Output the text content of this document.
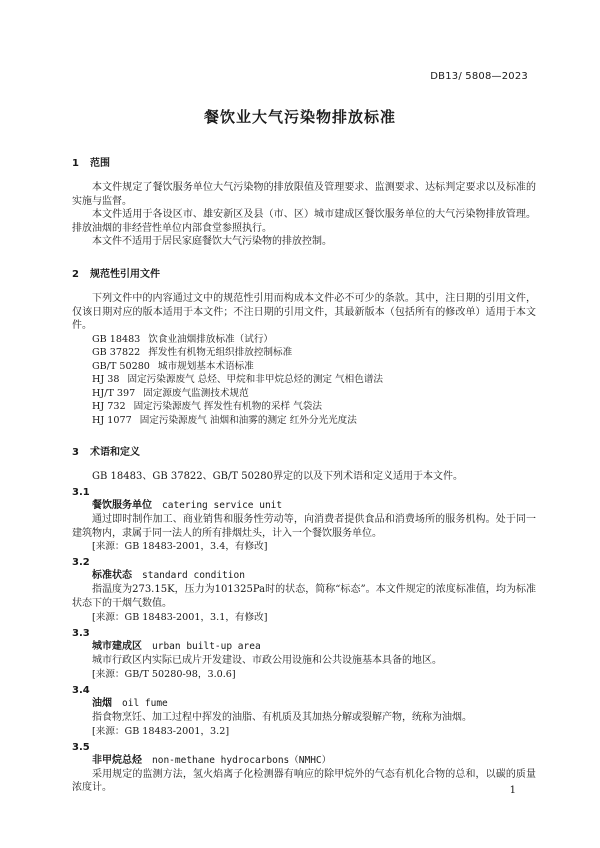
DB13/ 5808—2023
餐饮业大气污染物排放标准
1 范围

本文件规定了餐饮服务单位大气污染物的排放限值及管理要求、监测要求、达标判定要求以及标准的实施与监督。

本文件适用于各设区市、雄安新区及县（市、区）城市建成区餐饮服务单位的大气污染物排放管理。排放油烟的非经营性单位内部食堂参照执行。

本文件不适用于居民家庭餐饮大气污染物的排放控制。

2 规范性引用文件

下列文件中的内容通过文中的规范性引用而构成本文件必不可少的条款。其中，注日期的引用文件，仅该日期对应的版本适用于本文件；不注日期的引用文件，其最新版本（包括所有的修改单）适用于本文件。

GB 18483 饮食业油烟排放标准（试行）
GB 37822 挥发性有机物无组织排放控制标准
GB/T 50280 城市规划基本术语标准
HJ 38 固定污染源废气 总烃、甲烷和非甲烷总烃的测定 气相色谱法
HJ/T 397 固定源废气监测技术规范
HJ 732 固定污染源废气 挥发性有机物的采样 气袋法
HJ 1077 固定污染源废气 油烟和油雾的测定 红外分光光度法
3 术语和定义

GB 18483、GB 37822、GB/T 50280界定的以及下列术语和定义适用于本文件。

3.1
餐饮服务单位 catering service unit

通过即时制作加工、商业销售和服务性劳动等，向消费者提供食品和消费场所的服务机构。处于同一建筑物内，隶属于同一法人的所有排烟灶头，计入一个餐饮服务单位。

[来源：GB 18483-2001，3.4，有修改]
3.2
标准状态 standard condition

指温度为273.15K，压力为101325Pa时的状态，简称“标态”。本文件规定的浓度标准值，均为标准状态下的干烟气数值。

[来源：GB 18483-2001，3.1，有修改]
3.3
城市建成区 urban built-up area

城市行政区内实际已成片开发建设、市政公用设施和公共设施基本具备的地区。

[来源：GB/T 50280-98，3.0.6]
3.4
油烟 oil fume

指食物烹饪、加工过程中挥发的油脂、有机质及其加热分解或裂解产物，统称为油烟。

[来源：GB 18483-2001，3.2]
3.5
非甲烷总烃 non-methane hydrocarbons（NMHC）

采用规定的监测方法，氢火焰离子化检测器有响应的除甲烷外的气态有机化合物的总和，以碳的质量浓度计。	1
